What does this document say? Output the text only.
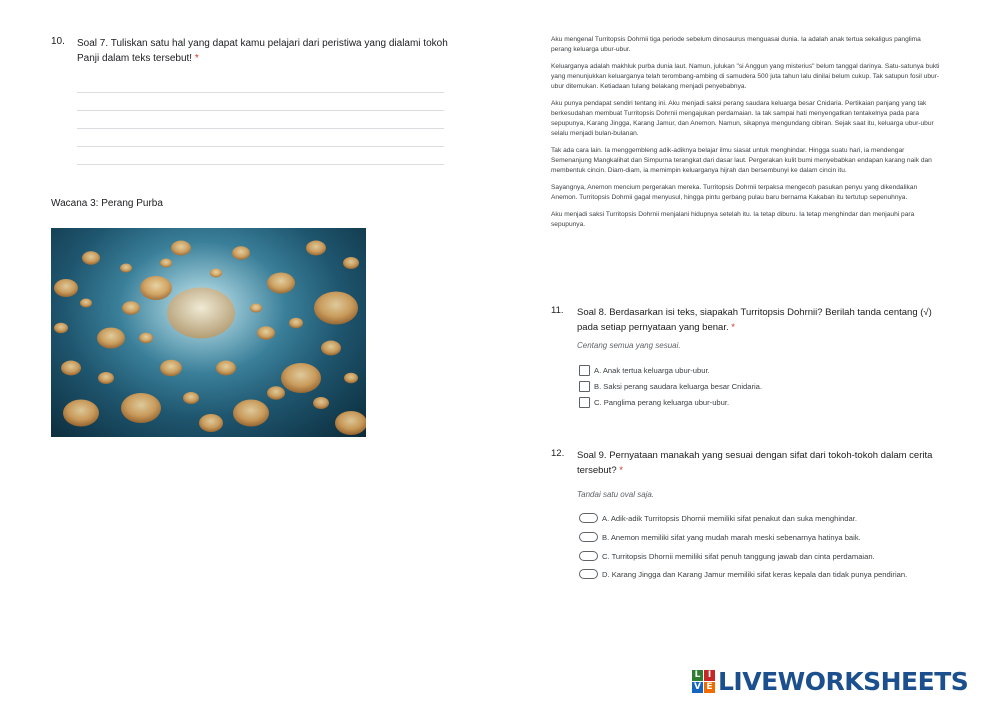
10. Soal 7. Tuliskan satu hal yang dapat kamu pelajari dari peristiwa yang dialami tokoh Panji dalam teks tersebut! *
Wacana 3: Perang Purba

Aku mengenal Turritopsis Dohrnii tiga periode sebelum dinosaurus menguasai dunia. Ia adalah anak tertua sekaligus panglima perang keluarga ubur-ubur.

Keluarganya adalah makhluk purba dunia laut. Namun, julukan "si Anggun yang misterius" belum tanggal darinya. Satu-satunya bukti yang menunjukkan keluarganya telah terombang-ambing di samudera 500 juta tahun lalu dinilai belum cukup. Tak satupun fosil ubur-ubur ditemukan. Ketiadaan tulang belakang menjadi penyebabnya.

Aku punya pendapat sendiri tentang ini. Aku menjadi saksi perang saudara keluarga besar Cnidaria. Pertikaian panjang yang tak berkesudahan membuat Turritopsis Dohrnii mengajukan perdamaian. Ia tak sampai hati menyengatkan tentakelnya pada para sepupunya, Karang Jingga, Karang Jamur, dan Anemon. Namun, sikapnya mengundang cibiran. Sejak saat itu, keluarga ubur-ubur selalu menjadi bulan-bulanan.

Tak ada cara lain. Ia menggembleng adik-adiknya belajar ilmu siasat untuk menghindar. Hingga suatu hari, ia mendengar Semenanjung Mangkalihat dan Simpurna terangkat dari dasar laut. Pergerakan kulit bumi menyebabkan endapan karang naik dan membentuk cincin. Diam-diam, ia memimpin keluarganya hijrah dan bersembunyi ke dalam cincin itu.

Sayangnya, Anemon mencium pergerakan mereka. Turritopsis Dohrnii terpaksa mengecoh pasukan penyu yang dikendalikan Anemon. Turritopsis Dohrnii gagal menyusul, hingga pintu gerbang pulau baru bernama Kakaban itu tertutup sepenuhnya.

Aku menjadi saksi Turritopsis Dohrnii menjalani hidupnya setelah itu. Ia tetap diburu. Ia tetap menghindar dan menjauhi para sepupunya.

11. Soal 8. Berdasarkan isi teks, siapakah Turritopsis Dohrnii? Berilah tanda centang (√) pada setiap pernyataan yang benar. *
Centang semua yang sesuai.
A. Anak tertua keluarga ubur-ubur.
B. Saksi perang saudara keluarga besar Cnidaria.
C. Panglima perang keluarga ubur-ubur.
12. Soal 9. Pernyataan manakah yang sesuai dengan sifat dari tokoh-tokoh dalam cerita tersebut? *
Tandai satu oval saja.
A. Adik-adik Turritopsis Dhornii memiliki sifat penakut dan suka menghindar.
B. Anemon memiliki sifat yang mudah marah meski sebenarnya hatinya baik.
C. Turritopsis Dhornii memiliki sifat penuh tanggung jawab dan cinta perdamaian.
D. Karang Jingga dan Karang Jamur memiliki sifat keras kepala dan tidak punya pendirian.
L I
V E LIVEWORKSHEETS
